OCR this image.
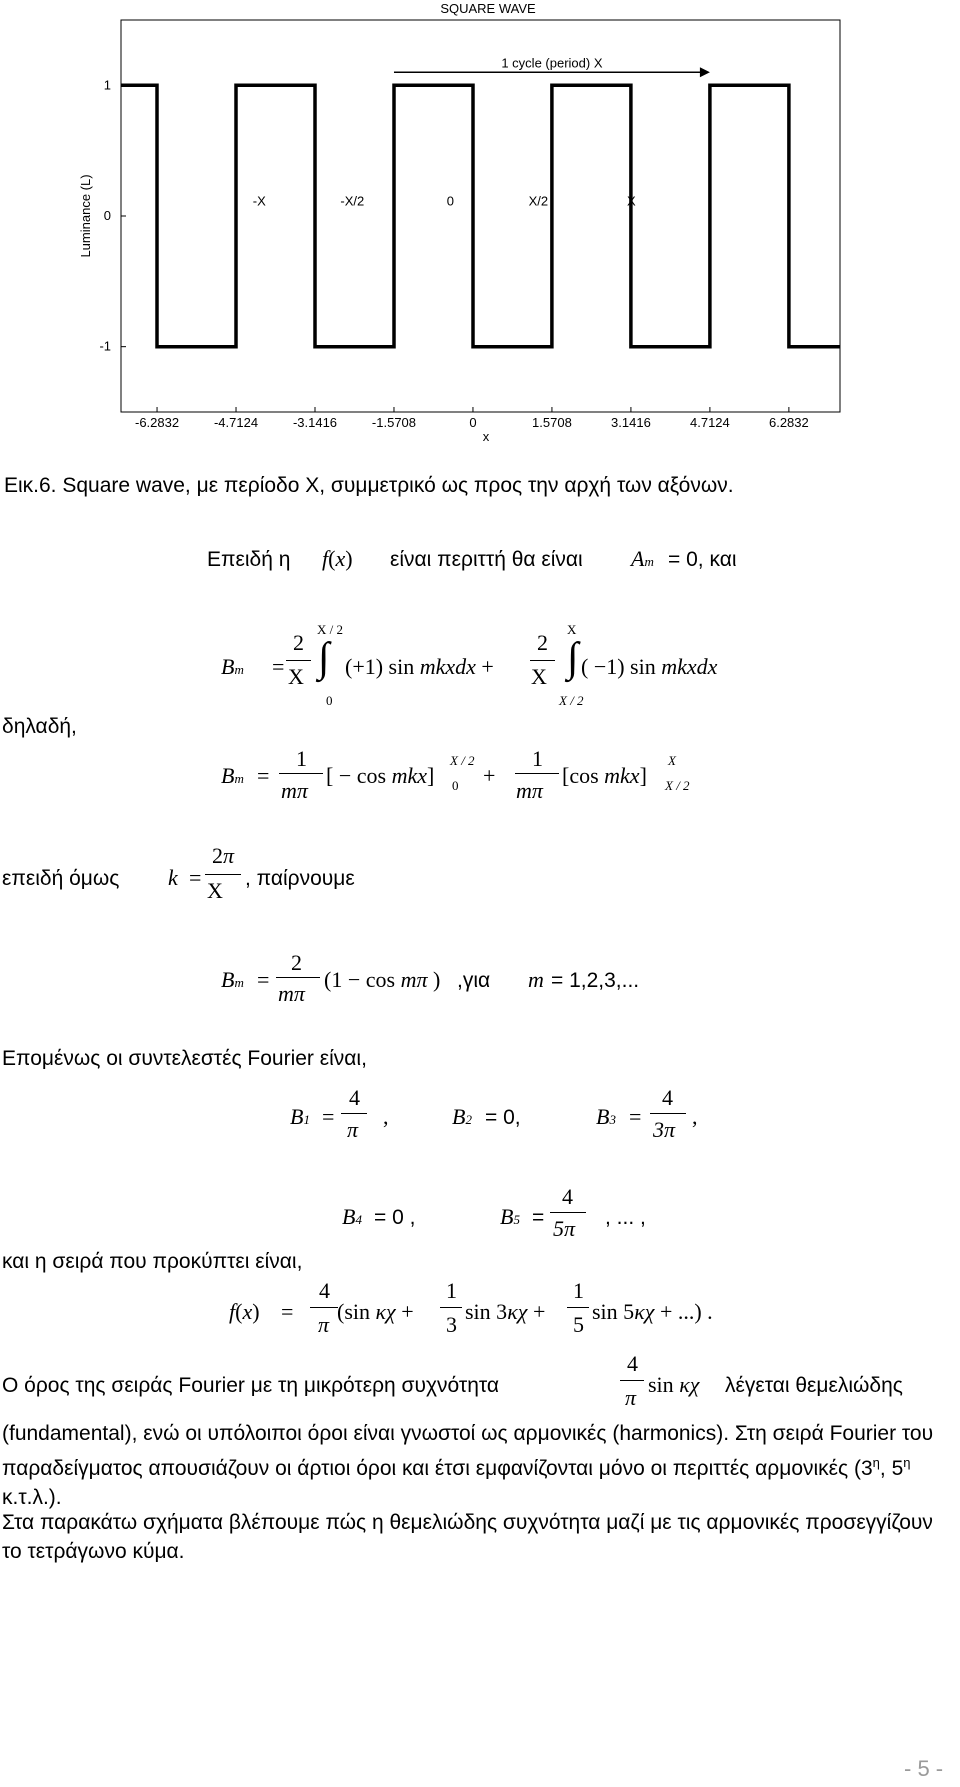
SQUARE WAVE
-6.2832	-4.7124	-3.1416	-1.5708	0	1.5708	3.1416	4.7124	6.2832
-1
0
1
1 cycle (period) X
-X	-X/2	0	X/2	X
Luminance (L)
x
Εικ.6. Square wave, με περίοδο Χ, συμμετρικό ως προς την αρχή των αξόνων.
Επειδή η f(x) είναι περιττή θα είναι Am = 0, και
δηλαδή,
Bm =
2
X
X / 2
∫
0
(+1) sin mkxdx +
2
X
X
∫
X / 2
( −1) sin mkxdx
Bm =
1
mπ
[ − cos mkx]
X / 2
0 +
1
mπ
[cos mkx]
X
X / 2
επειδή όμως k =
2π
X , παίρνουμε
Bm =
2
mπ
(1 − cos mπ ) ,για m = 1,2,3,...
Επομένως οι συντελεστές Fourier είναι,
B1 =
4
π
,	B2 = 0,	B3 =
4
3π
,
B4 = 0 ,	B5 =
4
5π , ... ,
και η σειρά που προκύπτει είναι,
f(x) =
4
π
(sin κχ +
1
3
sin 3κχ +
1
5
sin 5κχ + ...) .
Ο όρος της σειράς Fourier με τη μικρότερη συχνότητα
4
π
sin κχ λέγεται θεμελιώδης
(fundamental), ενώ οι υπόλοιποι όροι είναι γνωστοί ως αρμονικές (harmonics). Στη σειρά Fourier του παραδείγματος απουσιάζουν οι άρτιοι όροι και έτσι εμφανίζονται μόνο οι περιττές αρμονικές ($3^\eta$, $5^\eta$  κ.τ.λ.).
Στα παρακάτω σχήματα βλέπουμε πώς η θεμελιώδης συχνότητα μαζί με τις αρμονικές προσεγγίζουν το τετράγωνο κύμα.
- 5 -
